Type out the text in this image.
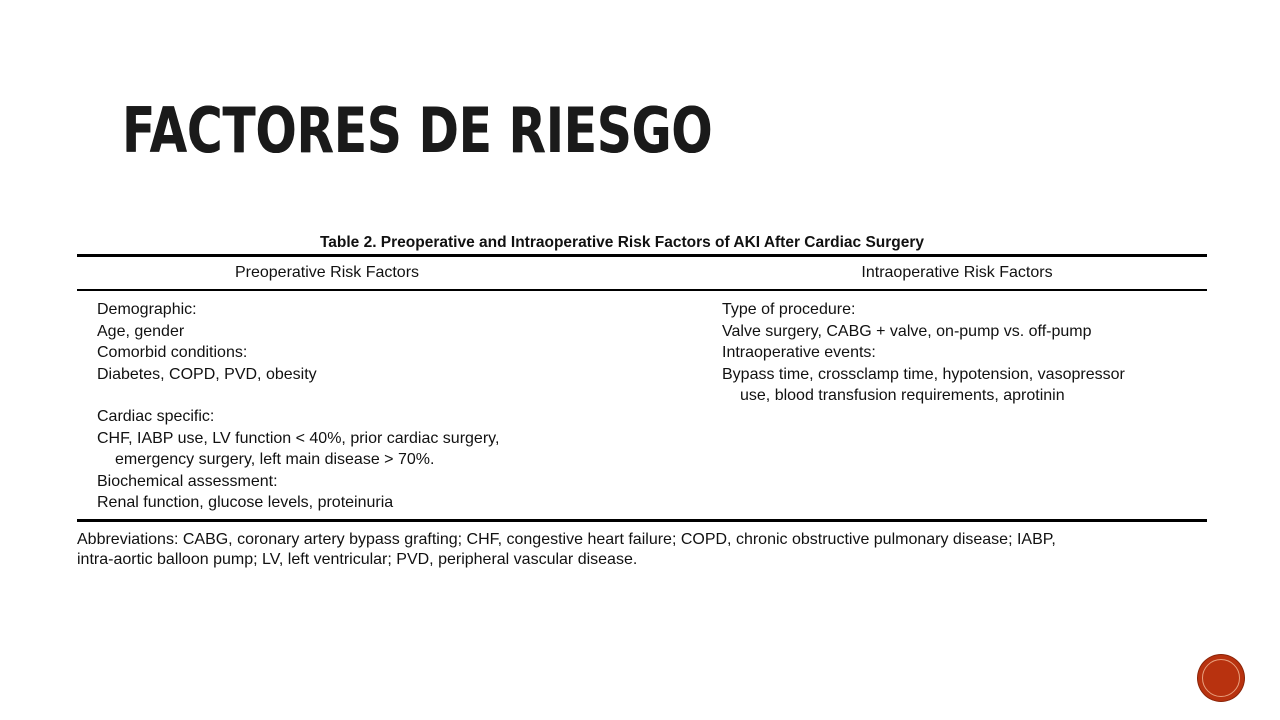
FACTORES DE RIESGO
Table 2. Preoperative and Intraoperative Risk Factors of AKI After Cardiac Surgery
Preoperative Risk Factors	Intraoperative Risk Factors
Demographic:
Age, gender
Comorbid conditions:
Diabetes, COPD, PVD, obesity
Cardiac specific:
CHF, IABP use, LV function < 40%, prior cardiac surgery,
emergency surgery, left main disease > 70%.
Biochemical assessment:
Renal function, glucose levels, proteinuria
Type of procedure:
Valve surgery, CABG + valve, on-pump vs. off-pump
Intraoperative events:
Bypass time, crossclamp time, hypotension, vasopressor
use, blood transfusion requirements, aprotinin
Abbreviations: CABG, coronary artery bypass grafting; CHF, congestive heart failure; COPD, chronic obstructive pulmonary disease; IABP,
intra-aortic balloon pump; LV, left ventricular; PVD, peripheral vascular disease.
